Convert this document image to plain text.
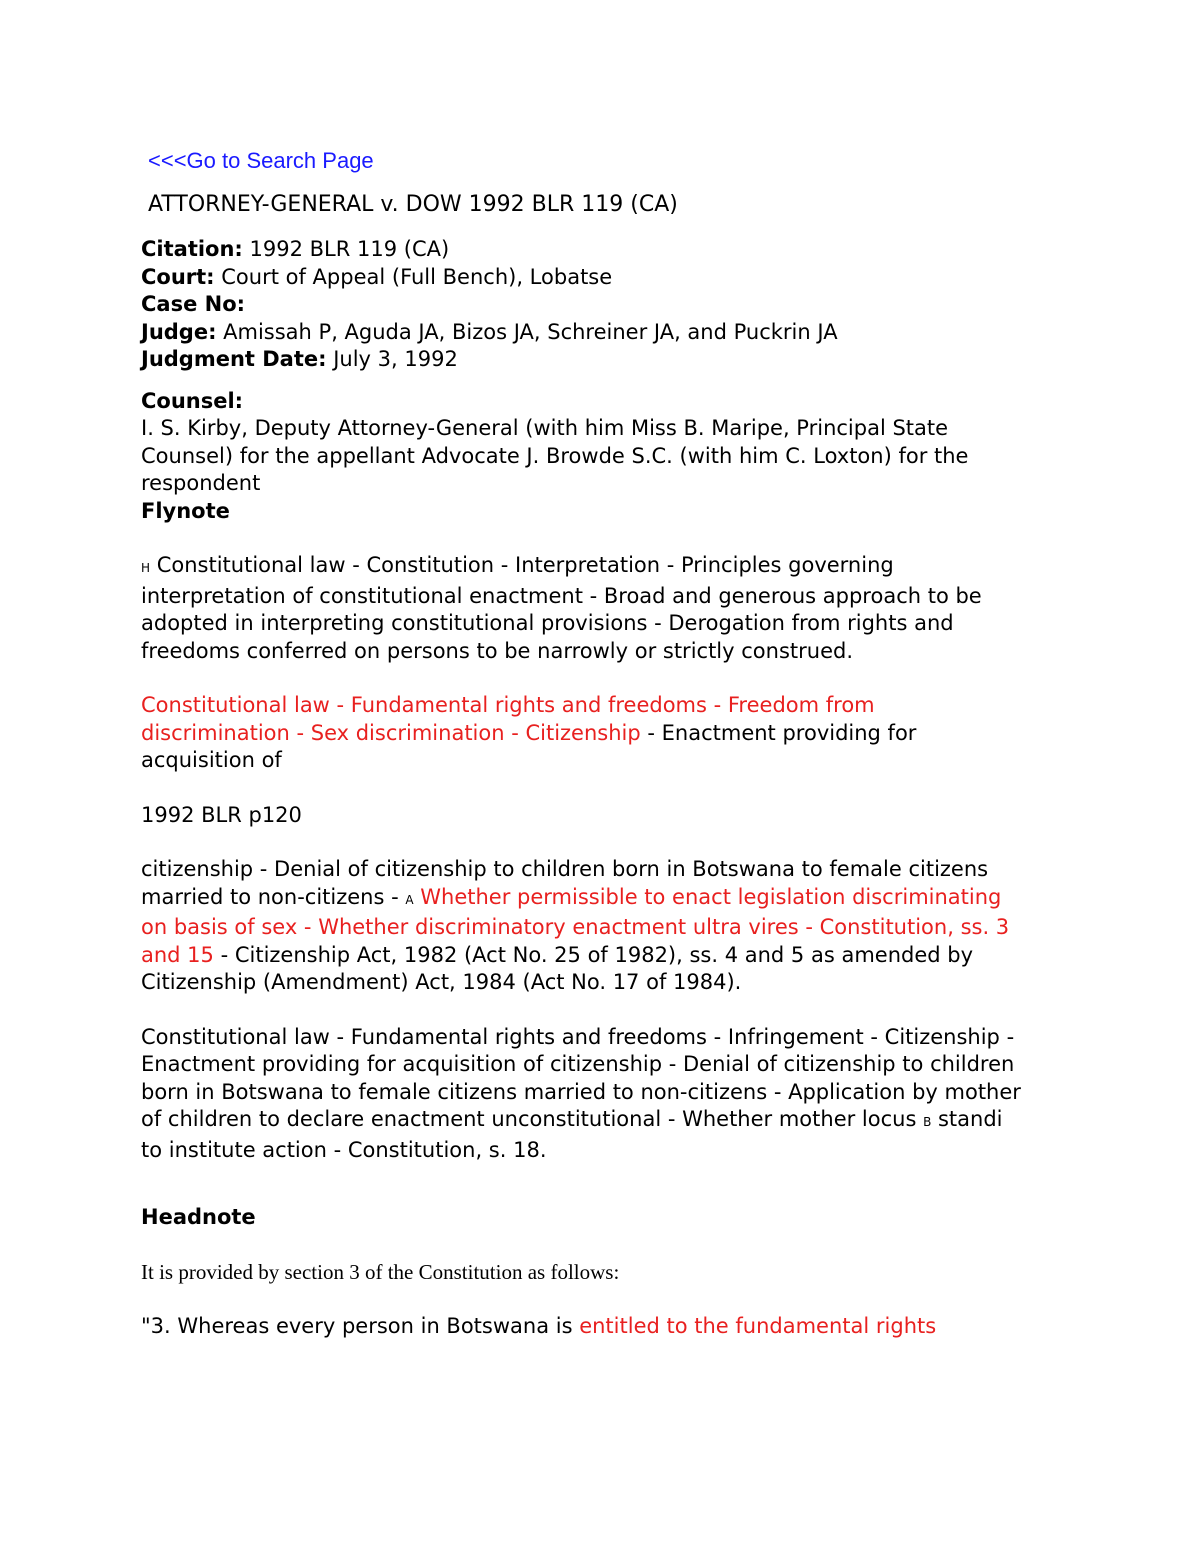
<<<Go to Search Page
ATTORNEY-GENERAL v. DOW 1992 BLR 119 (CA)
Citation: 1992 BLR 119 (CA)
Court: Court of Appeal (Full Bench), Lobatse
Case No:
Judge: Amissah P, Aguda JA, Bizos JA, Schreiner JA, and Puckrin JA
Judgment Date: July 3, 1992
Counsel:
I. S. Kirby, Deputy Attorney-General (with him Miss B. Maripe, Principal State Counsel) for the appellant Advocate J. Browde S.C. (with him C. Loxton) for the respondent
Flynote

H Constitutional law - Constitution - Interpretation - Principles governing interpretation of constitutional enactment - Broad and generous approach to be adopted in interpreting constitutional provisions - Derogation from rights and freedoms conferred on persons to be narrowly or strictly construed.

Constitutional law - Fundamental rights and freedoms - Freedom from discrimination - Sex discrimination - Citizenship - Enactment providing for acquisition of

1992 BLR p120

citizenship - Denial of citizenship to children born in Botswana to female citizens married to non-citizens - A Whether permissible to enact legislation discriminating on basis of sex - Whether discriminatory enactment ultra vires - Constitution, ss. 3 and 15 - Citizenship Act, 1982 (Act No. 25 of 1982), ss. 4 and 5 as amended by Citizenship (Amendment) Act, 1984 (Act No. 17 of 1984).

Constitutional law - Fundamental rights and freedoms - Infringement - Citizenship - Enactment providing for acquisition of citizenship - Denial of citizenship to children born in Botswana to female citizens married to non-citizens - Application by mother of children to declare enactment unconstitutional - Whether mother locus B standi to institute action - Constitution, s. 18.

Headnote

It is provided by section 3 of the Constitution as follows:

"3. Whereas every person in Botswana is entitled to the fundamental rights
